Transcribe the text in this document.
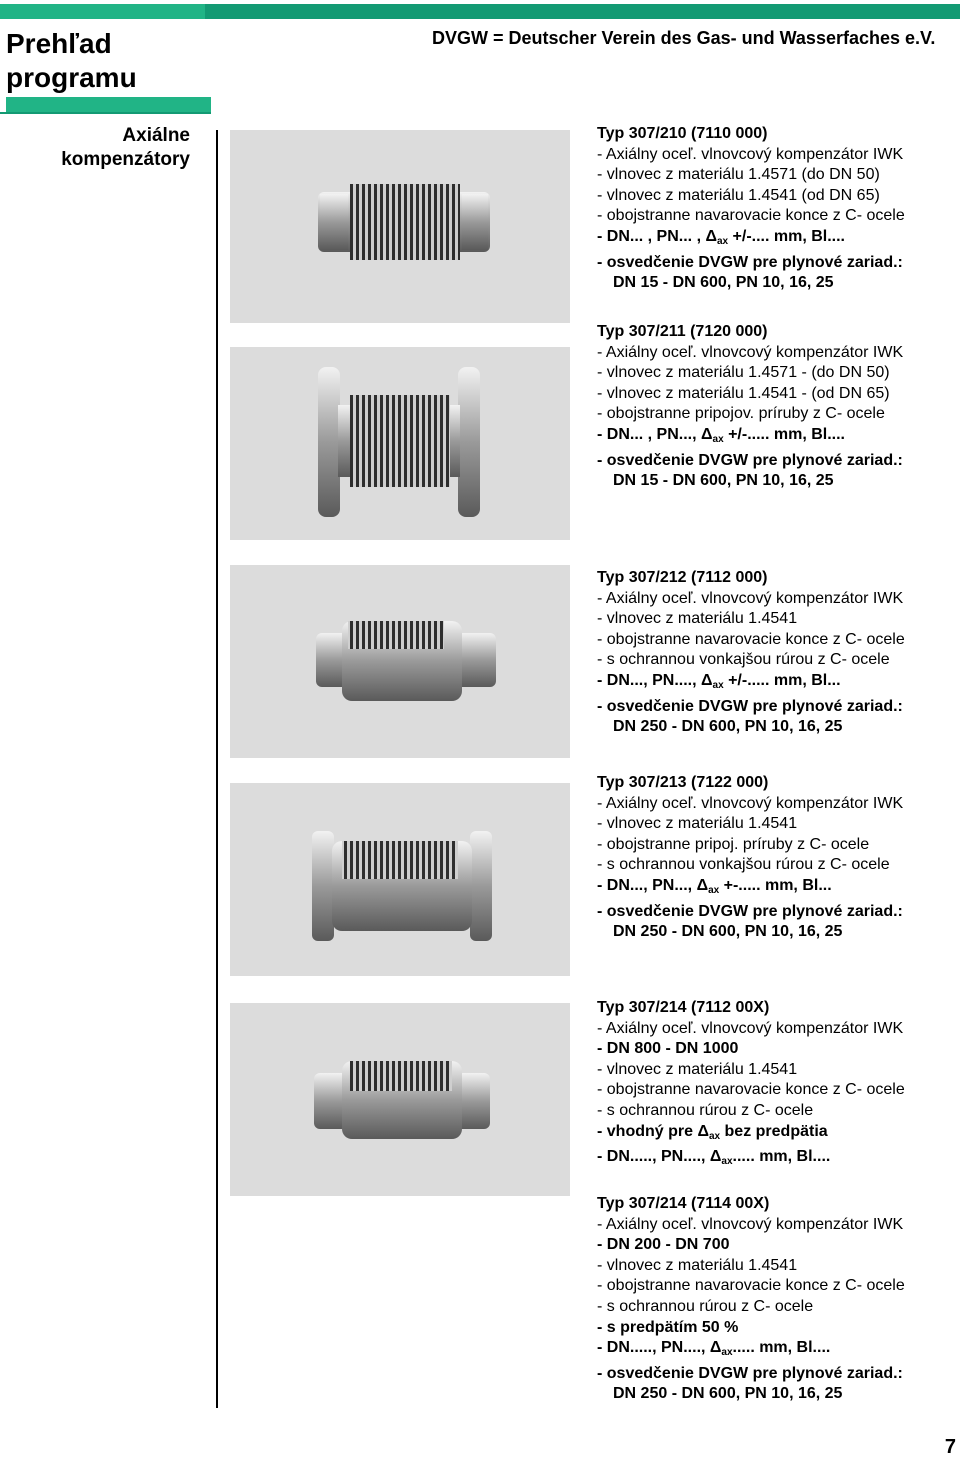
Prehľad programu
DVGW = Deutscher Verein des Gas- und Wasserfaches e.V.
Axiálne kompenzátory
Typ 307/210 (7110 000)
- Axiálny oceľ. vlnovcový kompenzátor IWK
- vlnovec z materiálu 1.4571 (do DN 50)
- vlnovec z materiálu 1.4541 (od DN 65)
- obojstranne navarovacie konce z C- ocele
- DN... , PN... , $\Delta_{ax}$ +/-.... mm, Bl....
- osvedčenie DVGW pre plynové zariad.:
DN 15 - DN 600, PN 10, 16, 25
Typ 307/211 (7120 000)
- Axiálny oceľ. vlnovcový kompenzátor IWK
- vlnovec z materiálu 1.4571 - (do DN 50)
- vlnovec z materiálu 1.4541 - (od DN 65)
- obojstranne pripojov. príruby z C- ocele
- DN... , PN..., $\Delta_{ax}$ +/-..... mm, Bl....
- osvedčenie DVGW pre plynové zariad.:
DN 15 - DN 600, PN 10, 16, 25
Typ 307/212 (7112 000)
- Axiálny oceľ. vlnovcový kompenzátor IWK
- vlnovec z materiálu 1.4541
- obojstranne navarovacie konce z C- ocele
- s ochrannou vonkajšou rúrou z C- ocele
- DN..., PN...., $\Delta_{ax}$ +/-..... mm, Bl...
- osvedčenie DVGW pre plynové zariad.:
DN 250 - DN 600, PN 10, 16, 25
Typ 307/213 (7122 000)
- Axiálny oceľ. vlnovcový kompenzátor IWK
- vlnovec z materiálu 1.4541
- obojstranne pripoj. príruby z C- ocele
- s ochrannou vonkajšou rúrou z C- ocele
- DN..., PN..., $\Delta_{ax}$ +-..... mm, Bl...
- osvedčenie DVGW pre plynové zariad.:
DN 250 - DN 600, PN 10, 16, 25
Typ 307/214 (7112 00X)
- Axiálny oceľ. vlnovcový kompenzátor IWK
- DN 800 - DN 1000
- vlnovec z materiálu 1.4541
- obojstranne navarovacie konce z C- ocele
- s ochrannou rúrou z C- ocele
- vhodný pre $\Delta_{ax}$ bez predpätia
- DN....., PN...., $\Delta_{ax}$..... mm, Bl....
Typ 307/214 (7114 00X)
- Axiálny oceľ. vlnovcový kompenzátor IWK
- DN 200 - DN 700
- vlnovec z materiálu 1.4541
- obojstranne navarovacie konce z C- ocele
- s ochrannou rúrou z C- ocele
- s predpätím 50 %
- DN....., PN...., $\Delta_{ax}$..... mm, Bl....
- osvedčenie DVGW pre plynové zariad.:
DN 250 - DN 600, PN 10, 16, 25
7
